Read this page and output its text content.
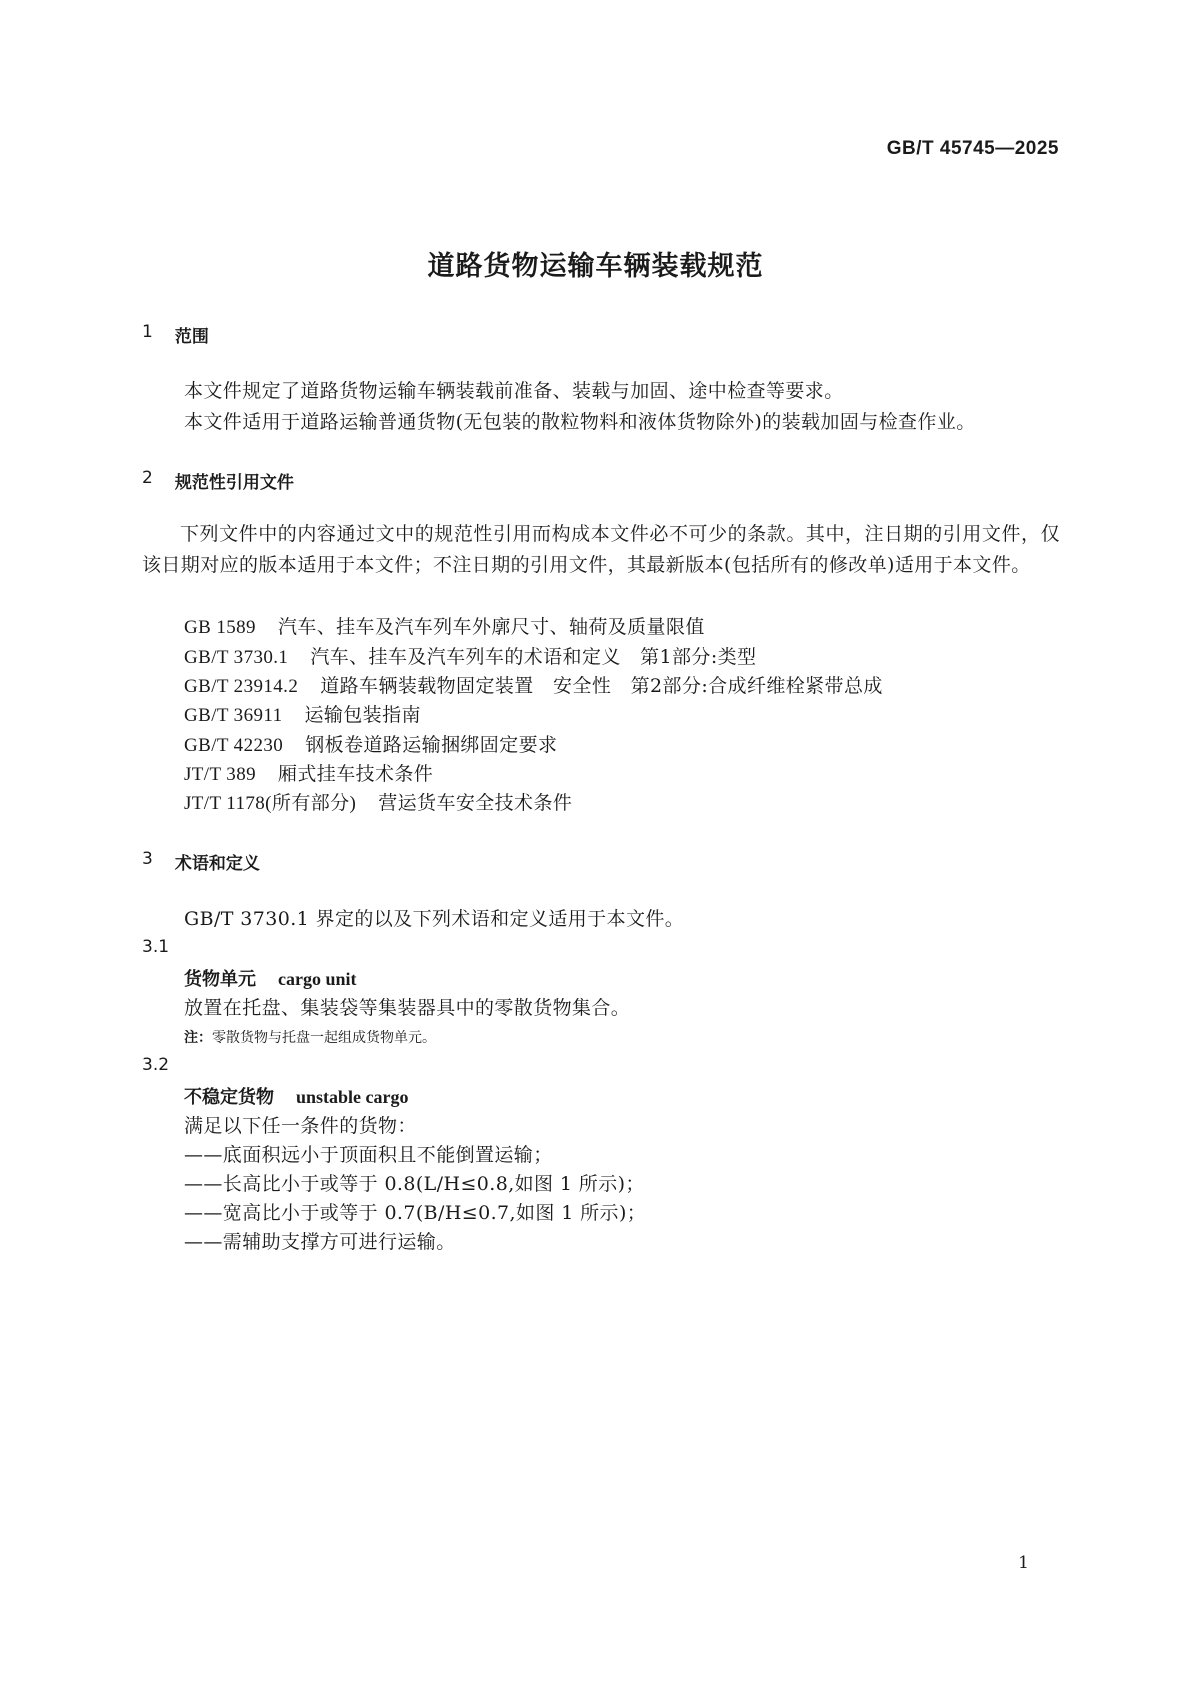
GB/T 45745—2025
道路货物运输车辆装载规范
1 范围
本文件规定了道路货物运输车辆装载前准备、装载与加固、途中检查等要求。
本文件适用于道路运输普通货物(无包装的散粒物料和液体货物除外)的装载加固与检查作业。
2 规范性引用文件
下列文件中的内容通过文中的规范性引用而构成本文件必不可少的条款。其中，注日期的引用文件，仅该日期对应的版本适用于本文件；不注日期的引用文件，其最新版本(包括所有的修改单)适用于本文件。
GB 1589 汽车、挂车及汽车列车外廓尺寸、轴荷及质量限值
GB/T 3730.1 汽车、挂车及汽车列车的术语和定义　第1部分:类型
GB/T 23914.2 道路车辆装载物固定装置　安全性　第2部分:合成纤维栓紧带总成
GB/T 36911 运输包装指南
GB/T 42230 钢板卷道路运输捆绑固定要求
JT/T 389 厢式挂车技术条件
JT/T 1178(所有部分) 营运货车安全技术条件
3 术语和定义
GB/T 3730.1 界定的以及下列术语和定义适用于本文件。
3.1
货物单元 cargo unit
放置在托盘、集装袋等集装器具中的零散货物集合。
注：零散货物与托盘一起组成货物单元。
3.2
不稳定货物 unstable cargo
满足以下任一条件的货物：
——底面积远小于顶面积且不能倒置运输；
——长高比小于或等于 0.8(L/H≤0.8,如图 1 所示)；
——宽高比小于或等于 0.7(B/H≤0.7,如图 1 所示)；
——需辅助支撑方可进行运输。
1
